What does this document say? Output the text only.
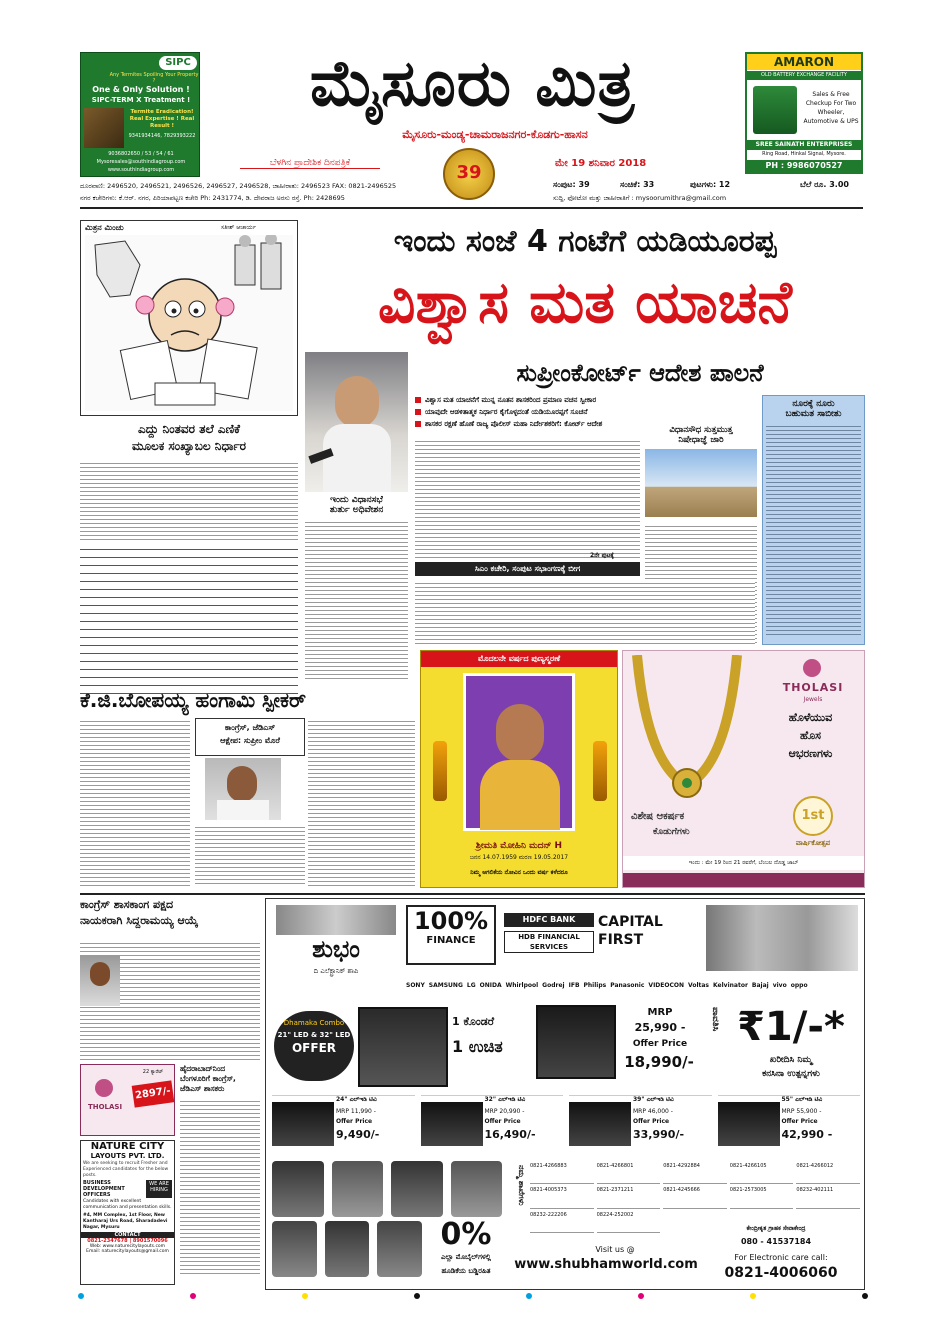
SIPC
Any Termites Spoiling Your Property ?
One & Only Solution !
SIPC-TERM X Treatment !
Termite Eradication! Real Expertise ! Real Result !
9341934146, 7829393222
9036802650 / 53 / 54 / 61
Mysoresales@southindiagroup.com
www.southindiagroup.com
ಮೈಸೂರು ಮಿತ್ರ
ಮೈಸೂರು-ಮಂಡ್ಯ-ಚಾಮರಾಜನಗರ-ಕೊಡಗು-ಹಾಸನ
ಬೆಳಗಿನ ಪ್ರಾದೇಶಿಕ ದಿನಪತ್ರಿಕೆ	39	ಮೇ 19 ಶನಿವಾರ 2018
AMARON
OLD BATTERY EXCHANGE FACILITY
Sales & Free Checkup For Two Wheeler, Automotive & UPS
SREE SAINATH ENTERPRISES
Ring Road, Hinkal Signal, Mysore.
PH : 9986070527
ಸಂಪುಟ: 39	ಸಂಚಿಕೆ: 33	ಪುಟಗಳು: 12	ಬೆಲೆ ರೂ. 3.00
ದೂರವಾಣಿ: 2496520, 2496521, 2496526, 2496527, 2496528, ಜಾಹೀರಾತು: 2496523 FAX: 0821-2496525
ನಗರ ಕಚೇರಿಗಳು: ಕೆ.ಆರ್. ನಗರ, ಪಿರಿಯಾಪಟ್ಟಣ ಕಚೇರಿ Ph: 2431774, ಡಿ. ದೇವರಾಜ ಅರಸು ರಸ್ತೆ. Ph: 2428695	ಸುದ್ದಿ, ಫೋಟೋ ಮತ್ತು ಜಾಹೀರಾತಿಗೆ : mysoorumithra@gmail.com
ಮಿತ್ರನ ಮಿಂಚು	ಸತೀಶ್ ಆಚಾರ್ಯ
ಎದ್ದು ನಿಂತವರ ತಲೆ ಎಣಿಕೆ
ಮೂಲಕ ಸಂಖ್ಯಾಬಲ ನಿರ್ಧಾರ
ಇಂದು ಸಂಜೆ 4 ಗಂಟೆಗೆ ಯಡಿಯೂರಪ್ಪ
ವಿಶ್ವಾಸ ಮತ ಯಾಚನೆ
ಸುಪ್ರೀಂಕೋರ್ಟ್ ಆದೇಶ ಪಾಲನೆ
ವಿಶ್ವಾಸ ಮತ ಯಾಚನೆಗೆ ಮುನ್ನ ನೂತನ ಶಾಸಕರಿಂದ ಪ್ರಮಾಣ ವಚನ ಸ್ವೀಕಾರ
ಯಾವುದೇ ಆಡಳಿತಾತ್ಮಕ ನಿರ್ಧಾರ ಕೈಗೊಳ್ಳದಂತೆ ಯಡಿಯೂರಪ್ಪಗೆ ಸೂಚನೆ
ಶಾಸಕರ ರಕ್ಷಣೆ ಹೊಣೆ ರಾಜ್ಯ ಪೊಲೀಸ್ ಮಹಾ ನಿರ್ದೇಶಕರಿಗೆ: ಕೋರ್ಟ್ ಆದೇಶ
2ನೇ ಪುಟಕ್ಕೆ
ಇಂದು ವಿಧಾನಸಭೆ
ತುರ್ತು ಅಧಿವೇಶನ
ವಿಧಾನಸೌಧ ಸುತ್ತಮುತ್ತ
ನಿಷೇಧಾಜ್ಞೆ ಜಾರಿ
ನೂರಕ್ಕೆ ನೂರು
ಬಹುಮತ ಸಾಬೀತು
ಸಿಎಂ ಕಚೇರಿ, ಸಂಪುಟ ಸಭಾಂಗಣಕ್ಕೆ ಬೀಗ
ಮೊದಲನೇ ವರ್ಷದ ಪುಣ್ಯಸ್ಮರಣೆ
ಶ್ರೀಮತಿ ಮೋಹಿನಿ ಮದನ್ H
ಜನನ 14.07.1959 ಮರಣ 19.05.2017
ನಿಮ್ಮ ಅಗಲಿಕೆಯ ನೋವಿನ ಒಂದು ವರ್ಷ ಕಳೆದರೂ
THOLASI
Jewels
ಹೊಳೆಯುವ
ಹೊಸ
ಆಭರಣಗಳು
ವಿಶೇಷ ಆಕರ್ಷಕ
ಕೊಡುಗೆಗಳು
1st
ವಾರ್ಷಿಕೋತ್ಸವ
ಇಂದು : ಮೇ 19 ರಿಂದ 21 ರವರೆಗೆ, ಬೆಂಬಲ ದೊಡ್ಡ ಜಾಬ್
ಕೆ.ಜಿ.ಬೋಪಯ್ಯ ಹಂಗಾಮಿ ಸ್ಪೀಕರ್
ಕಾಂಗ್ರೆಸ್, ಜೆಡಿಎಸ್
ಆಕ್ಷೇಪ: ಸುಪ್ರೀಂ ಮೊರೆ
ಕಾಂಗ್ರೆಸ್ ಶಾಸಕಾಂಗ ಪಕ್ಷದ
ನಾಯಕರಾಗಿ ಸಿದ್ದರಾಮಯ್ಯ ಆಯ್ಕೆ
THOLASI
22 ಕ್ಯಾರೆಟ್
2897/-
NATURE CITY
LAYOUTS PVT. LTD.
We are seeking to recruit Fresher and Experienced candidates for the below posts.
BUSINESS DEVELOPMENT OFFICERS
WE ARE HIRING
Candidates with excellent communication and presentation skills.
#4, MM Complex, 1st Floor, New Kantharaj Urs Road, Sharadadevi Nagar, Mysuru
CONTACT
0821-2347678 | 8901570096
Web: www.naturecitylayouts.com
Email: naturecitylayouts@gmail.com
ಹೈದರಾಬಾದ್‌ನಿಂದ
ಬೆಂಗಳೂರಿಗೆ ಕಾಂಗ್ರೆಸ್,
ಜೆಡಿಎಸ್ ಶಾಸಕರು
ಶುಭಂ
ದಿ ಎಲೆಕ್ಟ್ರಾನಿಕ್ ಶಾಪಿ
100%
FINANCE
HDFC BANK
HDB FINANCIAL SERVICES
CAPITAL FIRST
SONY SAMSUNG LG ONIDA Whirlpool Godrej IFB Philips Panasonic VIDEOCON Voltas Kelvinator Bajaj vivo oppo
Dhamaka Combo
21" LED & 32" LED
OFFER
1 ಕೊಂಡರೆ
1 ಉಚಿತ
MRP
25,990 -
Offer Price
18,990/-
ಪಾವತಿಸಿ ₹1/-*
ಖರೀದಿಸಿ ನಿಮ್ಮ
ಕನಸಿನಾ ಉತ್ಪನ್ನಗಳು
24" ಎಲ್‌ಇಡಿ ಟಿವಿ
MRP 11,990 -
Offer Price
9,490/-
32" ಎಲ್‌ಇಡಿ ಟಿವಿ
MRP 20,990 -
Offer Price
16,490/-
39" ಎಲ್‌ಇಡಿ ಟಿವಿ
MRP 46,000 -
Offer Price
33,990/-
55" ಎಲ್‌ಇಡಿ ಟಿವಿ
MRP 55,900 -
Offer Price
42,990 -
0%
ಎಲ್ಲಾ ಮೊಬೈಲ್‌ಗಳಲ್ಲಿ
ಹೂಡಿಕೆಯ ಬಡ್ಡಿರಹಿತ
ನಮ್ಮ ಶಾಖೆಗಳು 0821-4266883	0821-4266801	0821-4292884	0821-4266105	0821-4266012
0821-4005373	0821-2371211	0821-4245666	0821-2573005	08232-402111
08232-222206	08224-252002
ಕೇಂದ್ರೀಕೃತ ಗ್ರಾಹಕ ಸೇವಾಕೇಂದ್ರ
080 - 41537184
Visit us @
www.shubhamworld.com	For Electronic care call:
0821-4006060
